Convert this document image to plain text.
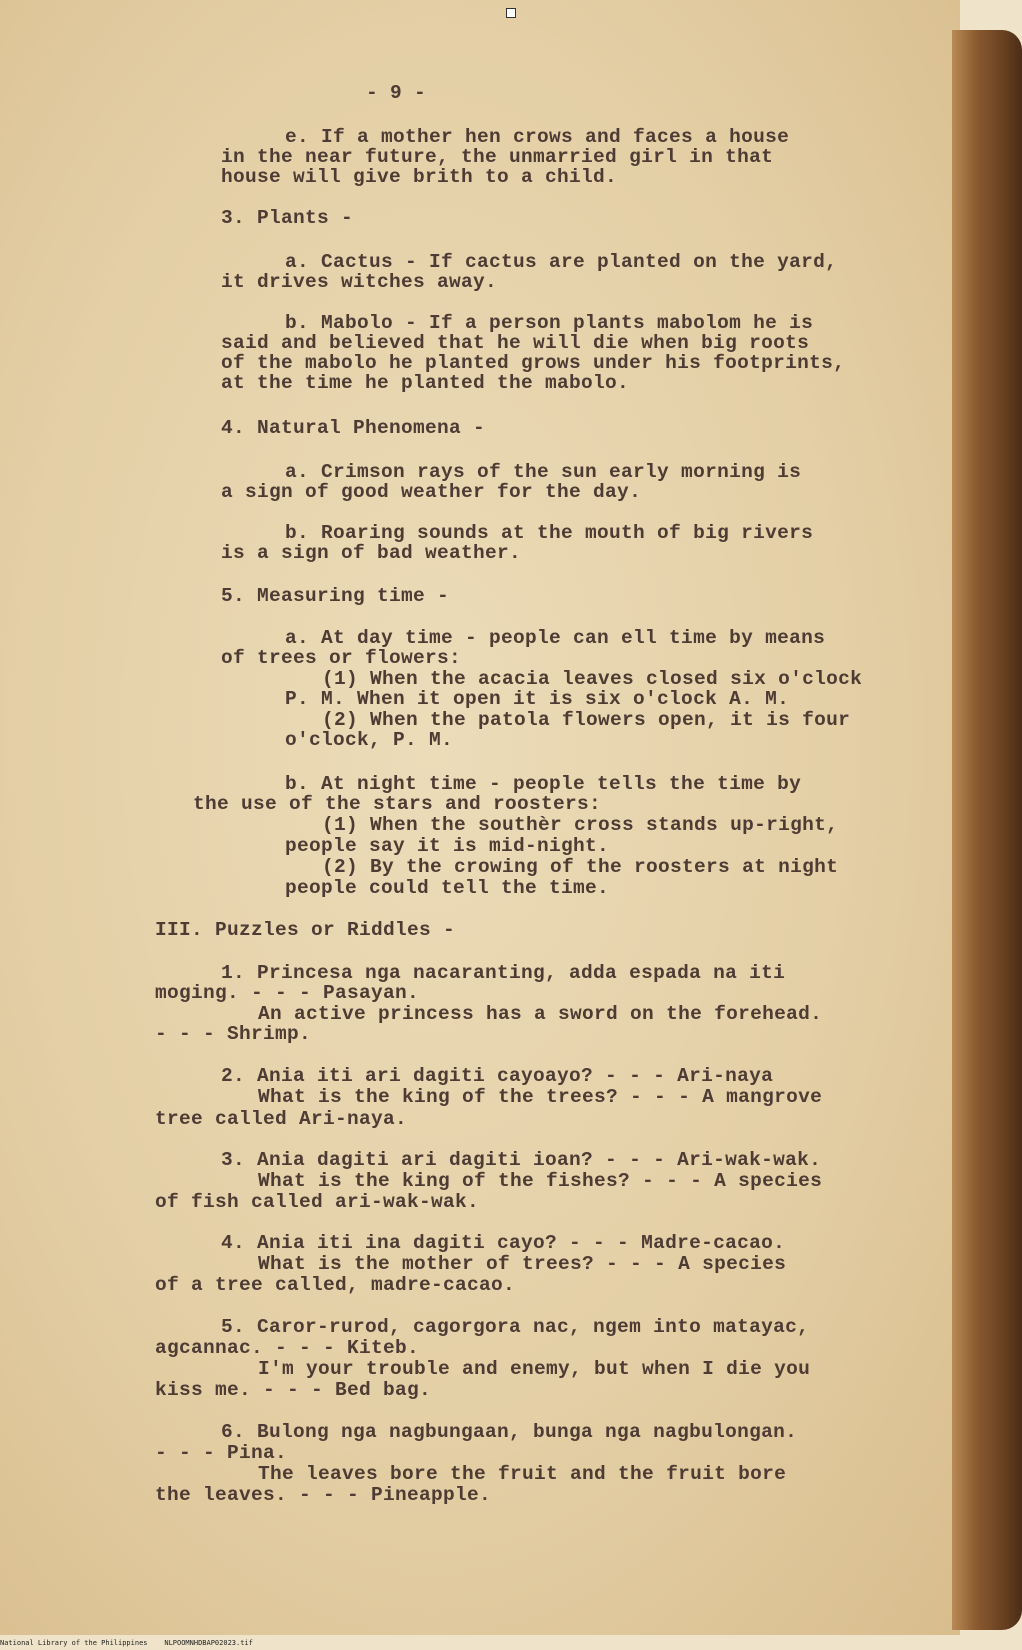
- 9 -
e. If a mother hen crows and faces a house
in the near future, the unmarried girl in that
house will give brith to a child.
3. Plants -
a. Cactus - If cactus are planted on the yard,
it drives witches away.
b. Mabolo - If a person plants mabolom he is
said and believed that he will die when big roots
of the mabolo he planted grows under his footprints,
at the time he planted the mabolo.
4. Natural Phenomena -
a. Crimson rays of the sun early morning is
a sign of good weather for the day.
b. Roaring sounds at the mouth of big rivers
is a sign of bad weather.
5. Measuring time -
a. At day time - people can ell time by means
of trees or flowers:
(1) When the acacia leaves closed six o'clock
P. M. When it open it is six o'clock A. M.
(2) When the patola flowers open, it is four
o'clock, P. M.
b. At night time - people tells the time by
the use of the stars and roosters:
(1) When the southèr cross stands up-right,
people say it is mid-night.
(2) By the crowing of the roosters at night
people could tell the time.
III. Puzzles or Riddles -
1. Princesa nga nacaranting, adda espada na iti
moging. - - - Pasayan.
An active princess has a sword on the forehead.
- - - Shrimp.
2. Ania iti ari dagiti cayoayo? - - - Ari-naya
What is the king of the trees? - - - A mangrove
tree called Ari-naya.
3. Ania dagiti ari dagiti ioan? - - - Ari-wak-wak.
What is the king of the fishes? - - - A species
of fish called ari-wak-wak.
4. Ania iti ina dagiti cayo? - - - Madre-cacao.
What is the mother of trees? - - - A species
of a tree called, madre-cacao.
5. Caror-rurod, cagorgora nac, ngem into matayac,
agcannac. - - - Kiteb.
I'm your trouble and enemy, but when I die you
kiss me. - - - Bed bag.
6. Bulong nga nagbungaan, bunga nga nagbulongan.
- - - Pina.
The leaves bore the fruit and the fruit bore
the leaves. - - - Pineapple.
National Library of the Philippines    NLPOOMNHDBAP02023.tif
